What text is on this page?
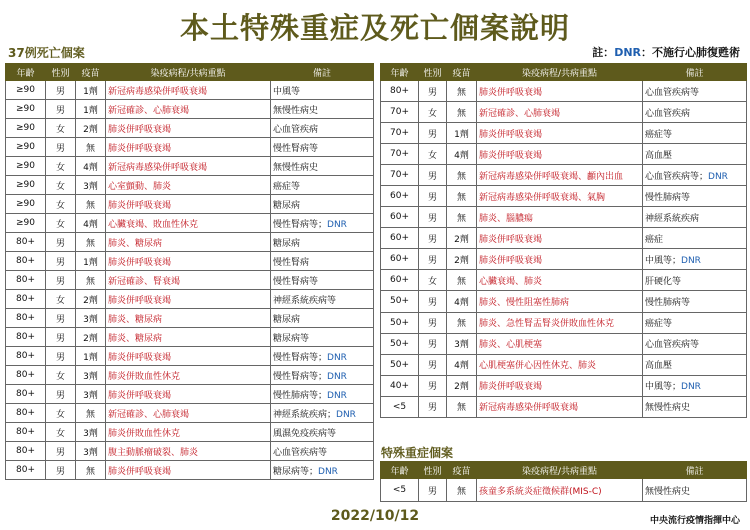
本土特殊重症及死亡個案說明
37例死亡個案	註：DNR：不施行心肺復甦術
年齡	性別	疫苗	染疫病程/共病重點	備註
≥90	男	1劑	新冠病毒感染併呼吸衰竭	中風等
≥90	男	1劑	新冠確診、心肺衰竭	無慢性病史
≥90	女	2劑	肺炎併呼吸衰竭	心血管疾病
≥90	男	無	肺炎併呼吸衰竭	慢性腎病等
≥90	女	4劑	新冠病毒感染併呼吸衰竭	無慢性病史
≥90	女	3劑	心室顫動、肺炎	癌症等
≥90	女	無	肺炎併呼吸衰竭	糖尿病
≥90	女	4劑	心臟衰竭、敗血性休克	慢性腎病等；DNR
80+	男	無	肺炎、糖尿病	糖尿病
80+	男	1劑	肺炎併呼吸衰竭	慢性腎病
80+	男	無	新冠確診、腎衰竭	慢性腎病等
80+	女	2劑	肺炎併呼吸衰竭	神經系統疾病等
80+	男	3劑	肺炎、糖尿病	糖尿病
80+	男	2劑	肺炎、糖尿病	糖尿病等
80+	男	1劑	肺炎併呼吸衰竭	慢性腎病等；DNR
80+	女	3劑	肺炎併敗血性休克	慢性腎病等；DNR
80+	男	3劑	肺炎併呼吸衰竭	慢性肺病等；DNR
80+	女	無	新冠確診、心肺衰竭	神經系統疾病；DNR
80+	女	3劑	肺炎併敗血性休克	風濕免疫疾病等
80+	男	3劑	腹主動脈瘤破裂、肺炎	心血管疾病等
80+	男	無	肺炎併呼吸衰竭	糖尿病等；DNR
年齡	性別	疫苗	染疫病程/共病重點	備註
80+	男	無	肺炎併呼吸衰竭	心血管疾病等
70+	女	無	新冠確診、心肺衰竭	心血管疾病
70+	男	1劑	肺炎併呼吸衰竭	癌症等
70+	女	4劑	肺炎併呼吸衰竭	高血壓
70+	男	無	新冠病毒感染併呼吸衰竭、顱內出血	心血管疾病等；DNR
60+	男	無	新冠病毒感染併呼吸衰竭、氣胸	慢性肺病等
60+	男	無	肺炎、腦膿瘍	神經系統疾病
60+	男	2劑	肺炎併呼吸衰竭	癌症
60+	男	2劑	肺炎併呼吸衰竭	中風等；DNR
60+	女	無	心臟衰竭、肺炎	肝硬化等
50+	男	4劑	肺炎、慢性阻塞性肺病	慢性肺病等
50+	男	無	肺炎、急性腎盂腎炎併敗血性休克	癌症等
50+	男	3劑	肺炎、心肌梗塞	心血管疾病等
50+	男	4劑	心肌梗塞併心因性休克、肺炎	高血壓
40+	男	2劑	肺炎併呼吸衰竭	中風等；DNR
<5	男	無	新冠病毒感染併呼吸衰竭	無慢性病史
特殊重症個案
年齡	性別	疫苗	染疫病程/共病重點	備註
<5	男	無	孩童多系統炎症徵候群(MIS-C)	無慢性病史
2022/10/12	中央流行疫情指揮中心
